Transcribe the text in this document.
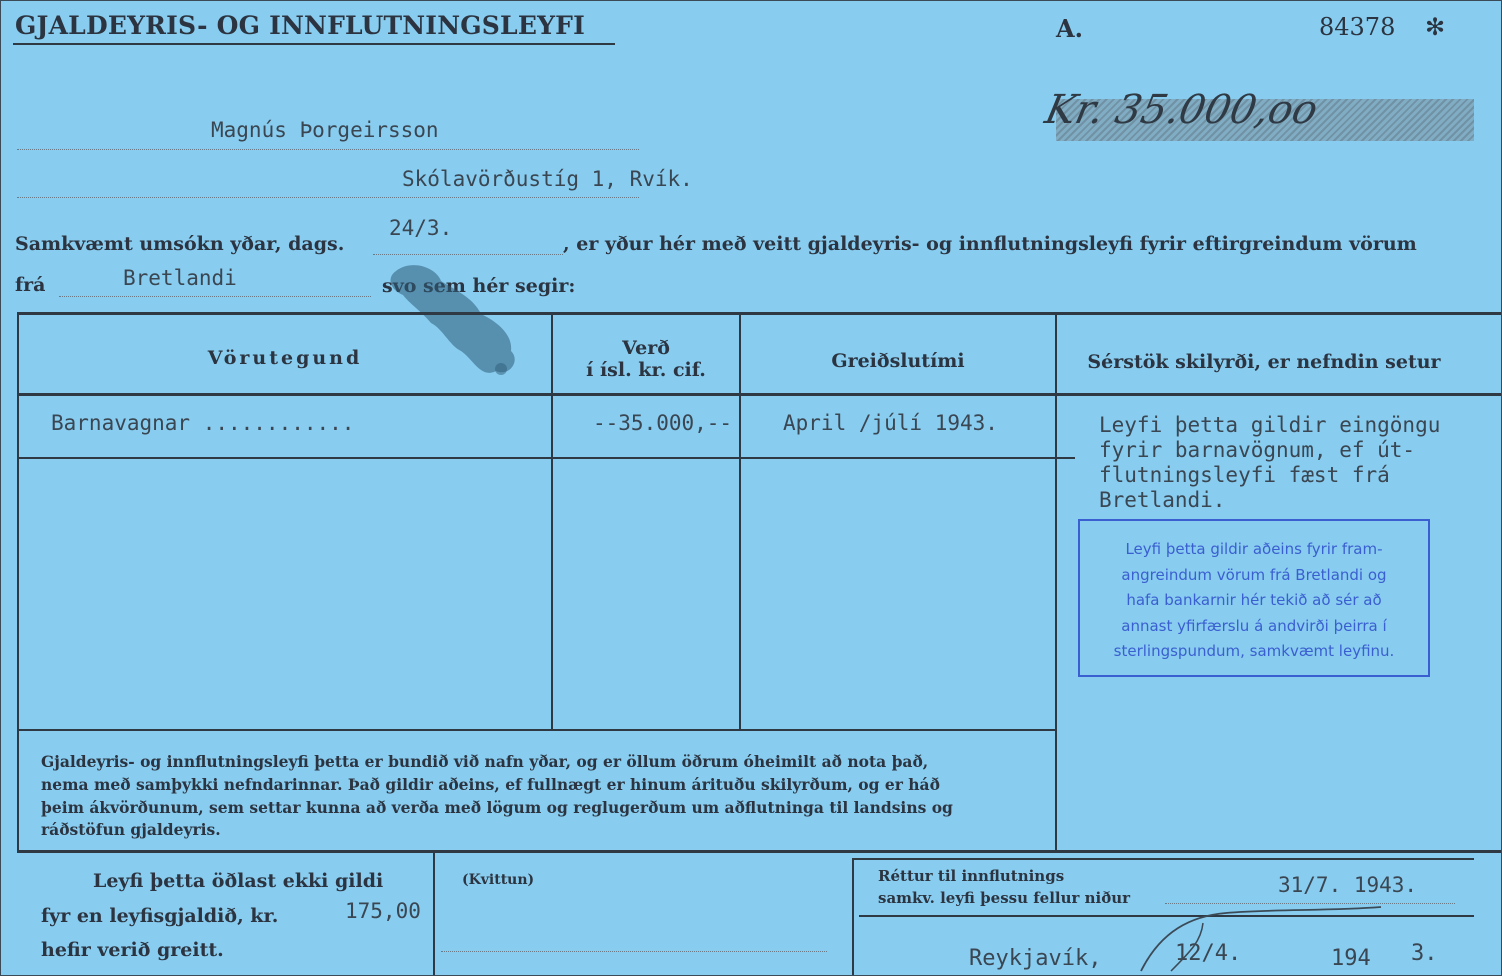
GJALDEYRIS- OG INNFLUTNINGSLEYFI	A.	84378 ✻
Kr. 35.000,oo
Magnús Þorgeirsson
Skólavörðustíg 1, Rvík.
Samkvæmt umsókn yðar, dags.
24/3.
, er yður hér með veitt gjaldeyris- og innflutningsleyfi fyrir eftirgreindum vörum
frá	Bretlandi	svo sem hér segir:
Vörutegund	Verð
í ísl. kr. cif.	Greiðslutími	Sérstök skilyrði, er nefndin setur
Barnavagnar ............	--35.000,-- April /júlí 1943.	Leyfi þetta gildir eingöngu
fyrir barnavögnum, ef út-
flutningsleyfi fæst frá
Bretlandi.
Leyfi þetta gildir aðeins fyrir fram-
angreindum vörum frá Bretlandi og
hafa bankarnir hér tekið að sér að
annast yfirfærslu á andvirði þeirra í
sterlingspundum, samkvæmt leyfinu.
Gjaldeyris- og innflutningsleyfi þetta er bundið við nafn yðar, og er öllum öðrum óheimilt að nota það,
nema með samþykki nefndarinnar. Það gildir aðeins, ef fullnægt er hinum árituðu skilyrðum, og er háð
þeim ákvörðunum, sem settar kunna að verða með lögum og reglugerðum um aðflutninga til landsins og
ráðstöfun gjaldeyris.
Leyfi þetta öðlast ekki gildi
fyr en leyfisgjaldið, kr.	175,00
hefir verið greitt.
(Kvittun)	Réttur til innflutnings
samkv. leyfi þessu fellur niður
31/7. 1943.
Reykjavík,	12/4.	194 3.
